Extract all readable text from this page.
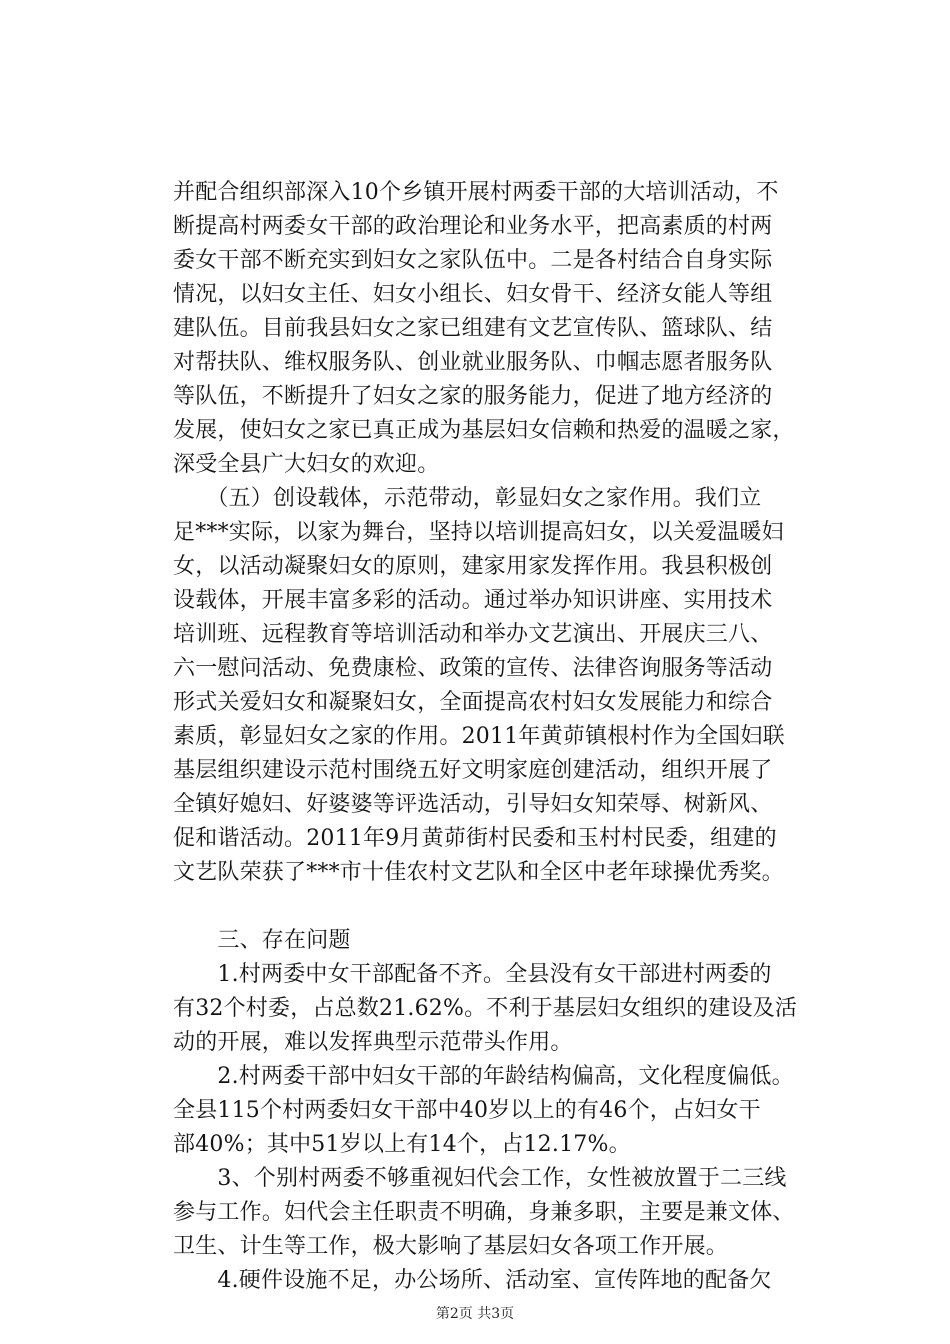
并配合组织部深入10个乡镇开展村两委干部的大培训活动，不
断提高村两委女干部的政治理论和业务水平，把高素质的村两
委女干部不断充实到妇女之家队伍中。二是各村结合自身实际
情况，以妇女主任、妇女小组长、妇女骨干、经济女能人等组
建队伍。目前我县妇女之家已组建有文艺宣传队、篮球队、结
对帮扶队、维权服务队、创业就业服务队、巾帼志愿者服务队
等队伍，不断提升了妇女之家的服务能力，促进了地方经济的
发展，使妇女之家已真正成为基层妇女信赖和热爱的温暖之家，
深受全县广大妇女的欢迎。
　　（五）创设载体，示范带动，彰显妇女之家作用。我们立
足***实际，以家为舞台，坚持以培训提高妇女，以关爱温暖妇
女，以活动凝聚妇女的原则，建家用家发挥作用。我县积极创
设载体，开展丰富多彩的活动。通过举办知识讲座、实用技术
培训班、远程教育等培训活动和举办文艺演出、开展庆三八、
六一慰问活动、免费康检、政策的宣传、法律咨询服务等活动
形式关爱妇女和凝聚妇女，全面提高农村妇女发展能力和综合
素质，彰显妇女之家的作用。2011年黄茆镇根村作为全国妇联
基层组织建设示范村围绕五好文明家庭创建活动，组织开展了
全镇好媳妇、好婆婆等评选活动，引导妇女知荣辱、树新风、
促和谐活动。2011年9月黄茆街村民委和玉村村民委，组建的
文艺队荣获了***市十佳农村文艺队和全区中老年球操优秀奖。
　　三、存在问题
　　1.村两委中女干部配备不齐。全县没有女干部进村两委的
有32个村委，占总数21.62%。不利于基层妇女组织的建设及活
动的开展，难以发挥典型示范带头作用。
　　2.村两委干部中妇女干部的年龄结构偏高，文化程度偏低。
全县115个村两委妇女干部中40岁以上的有46个，占妇女干
部40%；其中51岁以上有14个，占12.17%。
　　3、个别村两委不够重视妇代会工作，女性被放置于二三线
参与工作。妇代会主任职责不明确，身兼多职，主要是兼文体、
卫生、计生等工作，极大影响了基层妇女各项工作开展。
　　4.硬件设施不足，办公场所、活动室、宣传阵地的配备欠
第2页 共3页
